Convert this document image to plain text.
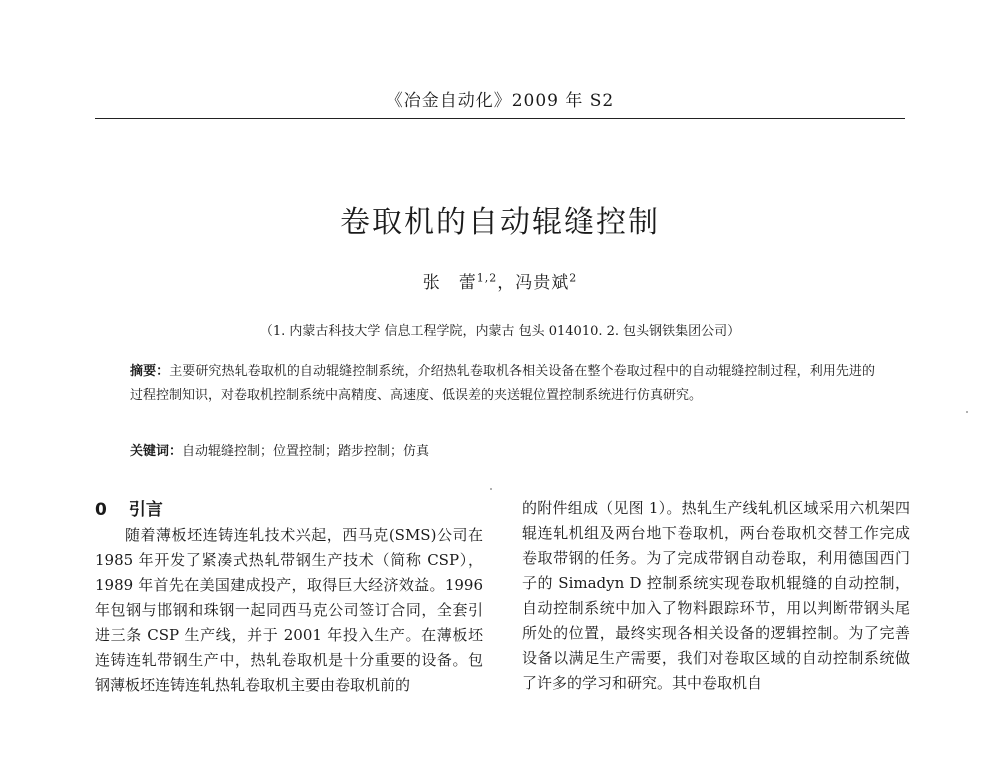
《冶金自动化》2009 年 S2
卷取机的自动辊缝控制
张　蕾$^{1,2}$，冯贵斌$^2$
（1. 内蒙古科技大学 信息工程学院，内蒙古 包头 014010. 2. 包头钢铁集团公司）
摘要：主要研究热轧卷取机的自动辊缝控制系统，介绍热轧卷取机各相关设备在整个卷取过程中的自动辊缝控制过程，利用先进的过程控制知识，对卷取机控制系统中高精度、高速度、低误差的夹送辊位置控制系统进行仿真研究。
关键词：自动辊缝控制；位置控制；踏步控制；仿真
0 引言

随着薄板坯连铸连轧技术兴起，西马克(SMS)公司在 1985 年开发了紧凑式热轧带钢生产技术（简称 CSP），1989 年首先在美国建成投产，取得巨大经济效益。1996 年包钢与邯钢和珠钢一起同西马克公司签订合同，全套引进三条 CSP 生产线，并于 2001 年投入生产。在薄板坯连铸连轧带钢生产中，热轧卷取机是十分重要的设备。包钢薄板坯连铸连轧热轧卷取机主要由卷取机前的

的附件组成（见图 1）。热轧生产线轧机区域采用六机架四辊连轧机组及两台地下卷取机，两台卷取机交替工作完成卷取带钢的任务。为了完成带钢自动卷取，利用德国西门子的 Simadyn D 控制系统实现卷取机辊缝的自动控制，自动控制系统中加入了物料跟踪环节，用以判断带钢头尾所处的位置，最终实现各相关设备的逻辑控制。为了完善设备以满足生产需要，我们对卷取区域的自动控制系统做了许多的学习和研究。其中卷取机自
